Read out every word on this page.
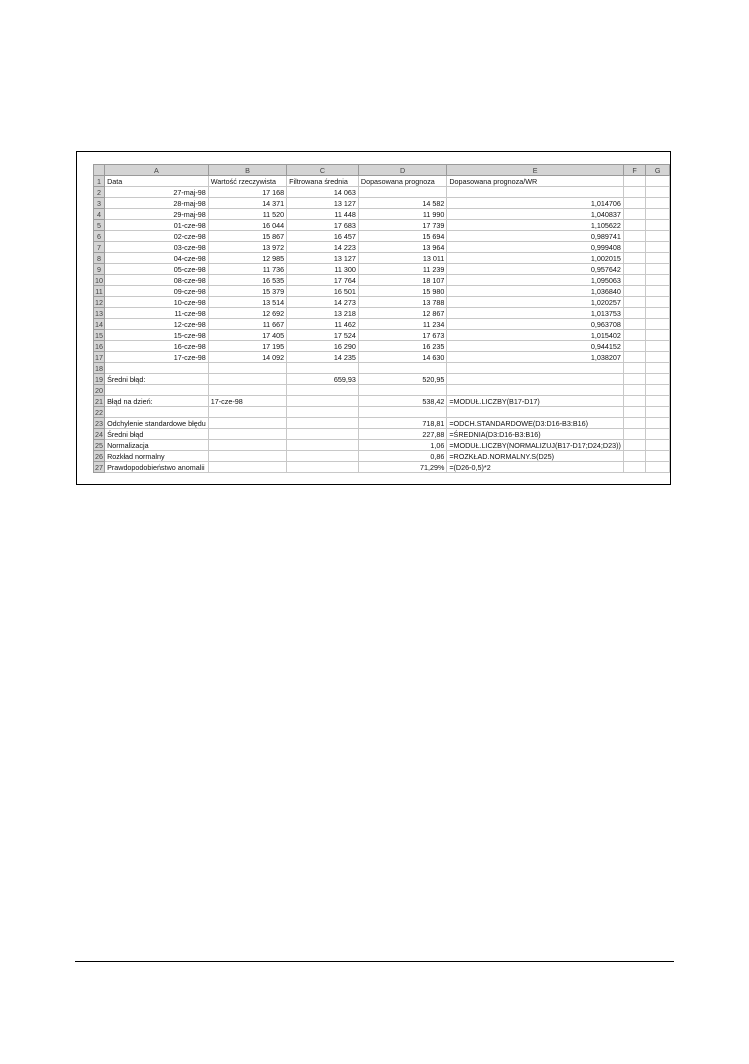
	A	B	C	D	E	F	G
1	Data	Wartość rzeczywista	Filtrowana średnia	Dopasowana prognoza	Dopasowana prognoza/WR		
2	27-maj-98	17 168	14 063				
3	28-maj-98	14 371	13 127	14 582	1,014706		
4	29-maj-98	11 520	11 448	11 990	1,040837		
5	01-cze-98	16 044	17 683	17 739	1,105622		
6	02-cze-98	15 867	16 457	15 694	0,989741		
7	03-cze-98	13 972	14 223	13 964	0,999408		
8	04-cze-98	12 985	13 127	13 011	1,002015		
9	05-cze-98	11 736	11 300	11 239	0,957642		
10	08-cze-98	16 535	17 764	18 107	1,095063		
11	09-cze-98	15 379	16 501	15 980	1,036840		
12	10-cze-98	13 514	14 273	13 788	1,020257		
13	11-cze-98	12 692	13 218	12 867	1,013753		
14	12-cze-98	11 667	11 462	11 234	0,963708		
15	15-cze-98	17 405	17 524	17 673	1,015402		
16	16-cze-98	17 195	16 290	16 235	0,944152		
17	17-cze-98	14 092	14 235	14 630	1,038207		
18							
19	Średni błąd:		659,93	520,95			
20							
21	Błąd na dzień:	17-cze-98		538,42	=MODUŁ.LICZBY(B17-D17)		
22							
23	Odchylenie standardowe błędu			718,81	=ODCH.STANDARDOWE(D3:D16-B3:B16)		
24	Średni błąd			227,88	=ŚREDNIA(D3:D16-B3:B16)		
25	Normalizacja			1,06	=MODUŁ.LICZBY(NORMALIZUJ(B17-D17;D24;D23))		
26	Rozkład normalny			0,86	=ROZKŁAD.NORMALNY.S(D25)		
27	Prawdopodobieństwo anomalii			71,29%	=(D26-0,5)*2		
